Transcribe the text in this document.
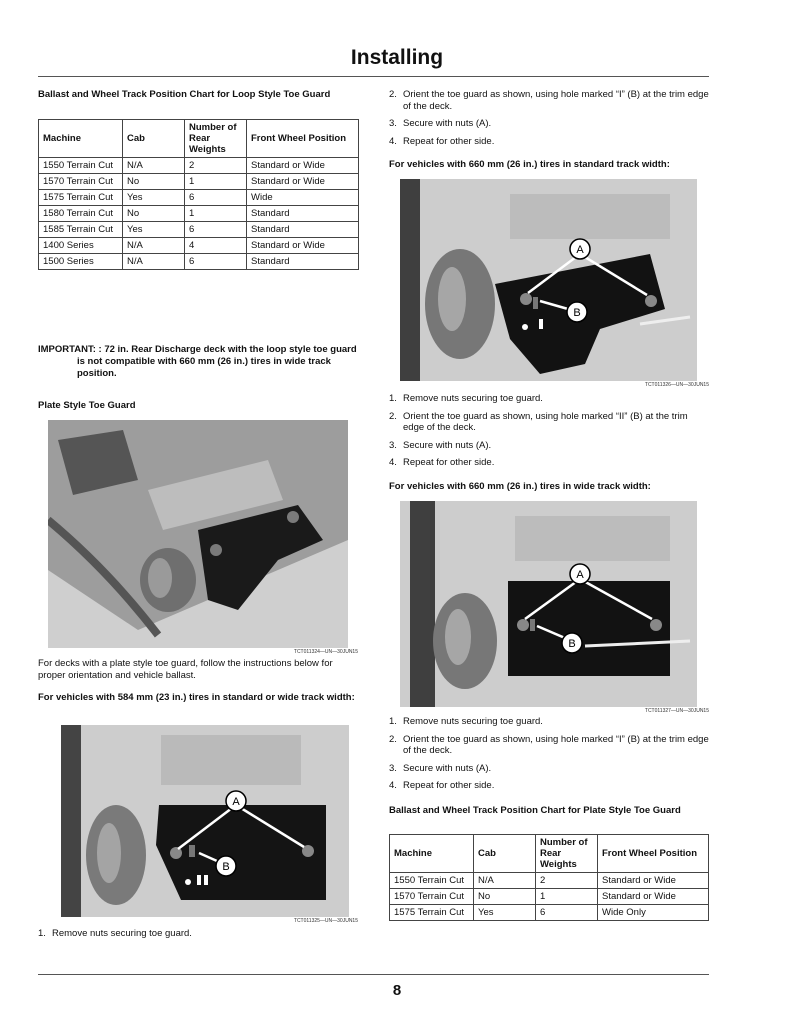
Installing
Ballast and Wheel Track Position Chart for Loop Style Toe Guard
Machine	Cab	Number of Rear Weights	Front Wheel Position
1550 Terrain Cut	N/A	2	Standard or Wide
1570 Terrain Cut	No	1	Standard or Wide
1575 Terrain Cut	Yes	6	Wide
1580 Terrain Cut	No	1	Standard
1585 Terrain Cut	Yes	6	Standard
1400 Series	N/A	4	Standard or Wide
1500 Series	N/A	6	Standard
IMPORTANT: : 72 in. Rear Discharge deck with the loop style toe guard is not compatible with 660 mm (26 in.) tires in wide track position.
Plate Style Toe Guard
TCT011324—UN—30JUN15
For decks with a plate style toe guard, follow the instructions below for proper orientation and vehicle ballast.
For vehicles with 584 mm (23 in.) tires in standard or wide track width:
A
B
TCT011325—UN—30JUN15
1. Remove nuts securing toe guard.
2. Orient the toe guard as shown, using hole marked “I” (B) at the trim edge of the deck.
3. Secure with nuts (A).
4. Repeat for other side.
For vehicles with 660 mm (26 in.) tires in standard track width:
A
B
TCT011326—UN—30JUN15
1. Remove nuts securing toe guard.
2. Orient the toe guard as shown, using hole marked “II” (B) at the trim edge of the deck.
3. Secure with nuts (A).
4. Repeat for other side.
For vehicles with 660 mm (26 in.) tires in wide track width:
A
B
TCT011327—UN—30JUN15
1. Remove nuts securing toe guard.
2. Orient the toe guard as shown, using hole marked “I” (B) at the trim edge of the deck.
3. Secure with nuts (A).
4. Repeat for other side.
Ballast and Wheel Track Position Chart for Plate Style Toe Guard
Machine	Cab	Number of Rear Weights	Front Wheel Position
1550 Terrain Cut	N/A	2	Standard or Wide
1570 Terrain Cut	No	1	Standard or Wide
1575 Terrain Cut	Yes	6	Wide Only
8
